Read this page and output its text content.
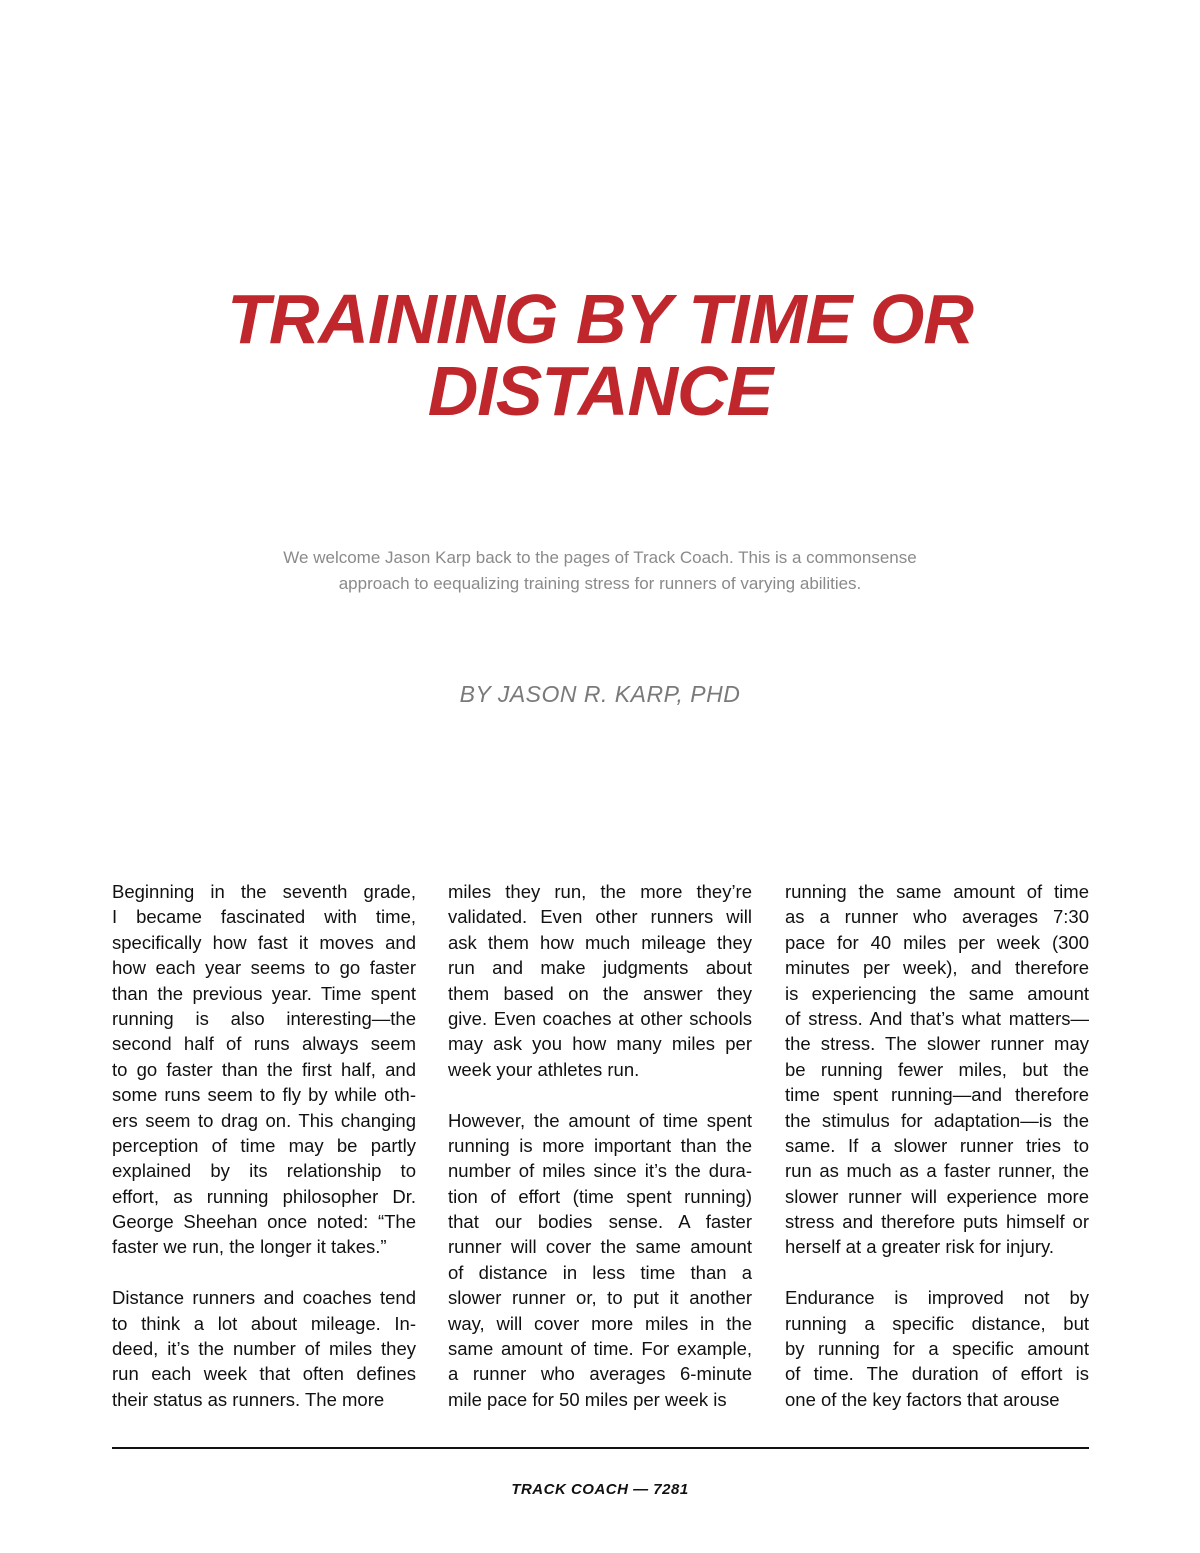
TRAINING BY TIME OR
DISTANCE
We welcome Jason Karp back to the pages of Track Coach. This is a commonsense
approach to eequalizing training stress for runners of varying abilities.
BY JASON R. KARP, PHD
Beginning in the seventh grade,
I became fascinated with time,
specifically how fast it moves and
how each year seems to go faster
than the previous year. Time spent
running is also interesting—the
second half of runs always seem
to go faster than the first half, and
some runs seem to fly by while oth-
ers seem to drag on. This changing
perception of time may be partly
explained by its relationship to
effort, as running philosopher Dr.
George Sheehan once noted: “The
faster we run, the longer it takes.”
Distance runners and coaches tend
to think a lot about mileage. In-
deed, it’s the number of miles they
run each week that often defines
their status as runners. The more
miles they run, the more they’re
validated. Even other runners will
ask them how much mileage they
run and make judgments about
them based on the answer they
give. Even coaches at other schools
may ask you how many miles per
week your athletes run.
However, the amount of time spent
running is more important than the
number of miles since it’s the dura-
tion of effort (time spent running)
that our bodies sense. A faster
runner will cover the same amount
of distance in less time than a
slower runner or, to put it another
way, will cover more miles in the
same amount of time. For example,
a runner who averages 6-minute
mile pace for 50 miles per week is
running the same amount of time
as a runner who averages 7:30
pace for 40 miles per week (300
minutes per week), and therefore
is experiencing the same amount
of stress. And that’s what matters—
the stress. The slower runner may
be running fewer miles, but the
time spent running—and therefore
the stimulus for adaptation—is the
same. If a slower runner tries to
run as much as a faster runner, the
slower runner will experience more
stress and therefore puts himself or
herself at a greater risk for injury.
Endurance is improved not by
running a specific distance, but
by running for a specific amount
of time. The duration of effort is
one of the key factors that arouse
TRACK COACH — 7281
